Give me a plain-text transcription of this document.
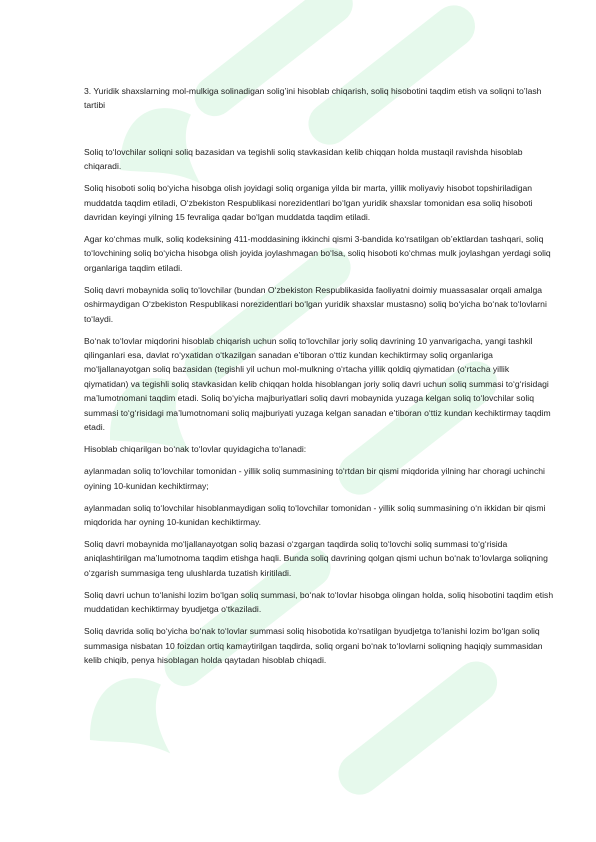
3. Yuridik shaxslarning mol-mulkiga solinadigan solig’ini hisoblab chiqarish, soliq hisobotini taqdim etish va soliqni to’lash tartibi

Soliq to‘lovchilar soliqni soliq bazasidan va tegishli soliq stavkasidan kelib chiqqan holda mustaqil ravishda hisoblab chiqaradi.

Soliq hisoboti soliq bo‘yicha hisobga olish joyidagi soliq organiga yilda bir marta, yillik moliyaviy hisobot topshiriladigan muddatda taqdim etiladi, O‘zbekiston Respublikasi norezidentlari bo‘lgan yuridik shaxslar tomonidan esa soliq hisoboti davridan keyingi yilning 15 fevraliga qadar bo‘lgan muddatda taqdim etiladi.

Agar ko‘chmas mulk, soliq kodeksining 411-moddasining ikkinchi qismi 3-bandida ko‘rsatilgan ob’ektlardan tashqari, soliq to‘lovchining soliq bo‘yicha hisobga olish joyida joylashmagan bo‘lsa, soliq hisoboti ko‘chmas mulk joylashgan yerdagi soliq organlariga taqdim etiladi.

Soliq davri mobaynida soliq to‘lovchilar (bundan O‘zbekiston Respublikasida faoliyatni doimiy muassasalar orqali amalga oshirmaydigan O‘zbekiston Respublikasi norezidentlari bo‘lgan yuridik shaxslar mustasno) soliq bo‘yicha bo‘nak to‘lovlarni to‘laydi.

Bo‘nak to‘lovlar miqdorini hisoblab chiqarish uchun soliq to‘lovchilar joriy soliq davrining 10 yanvarigacha, yangi tashkil qilinganlari esa, davlat ro‘yxatidan o‘tkazilgan sanadan e’tiboran o‘ttiz kundan kechiktirmay soliq organlariga mo‘ljallanayotgan soliq bazasidan (tegishli yil uchun mol-mulkning o‘rtacha yillik qoldiq qiymatidan (o‘rtacha yillik qiymatidan) va tegishli soliq stavkasidan kelib chiqqan holda hisoblangan joriy soliq davri uchun soliq summasi to‘g‘risidagi ma’lumotnomani taqdim etadi. Soliq bo‘yicha majburiyatlari soliq davri mobaynida yuzaga kelgan soliq to‘lovchilar soliq summasi to‘g‘risidagi ma’lumotnomani soliq majburiyati yuzaga kelgan sanadan e’tiboran o‘ttiz kundan kechiktirmay taqdim etadi.

Hisoblab chiqarilgan bo‘nak to‘lovlar quyidagicha to‘lanadi:

aylanmadan soliq to‘lovchilar tomonidan - yillik soliq summasining to‘rtdan bir qismi miqdorida yilning har choragi uchinchi oyining 10-kunidan kechiktirmay;

aylanmadan soliq to‘lovchilar hisoblanmaydigan soliq to‘lovchilar tomonidan - yillik soliq summasining o‘n ikkidan bir qismi miqdorida har oyning 10-kunidan kechiktirmay.

Soliq davri mobaynida mo‘ljallanayotgan soliq bazasi o‘zgargan taqdirda soliq to‘lovchi soliq summasi to‘g‘risida aniqlashtirilgan ma’lumotnoma taqdim etishga haqli. Bunda soliq davrining qolgan qismi uchun bo‘nak to‘lovlarga soliqning o‘zgarish summasiga teng ulushlarda tuzatish kiritiladi.

Soliq davri uchun to‘lanishi lozim bo‘lgan soliq summasi, bo‘nak to‘lovlar hisobga olingan holda, soliq hisobotini taqdim etish muddatidan kechiktirmay byudjetga o‘tkaziladi.

Soliq davrida soliq bo‘yicha bo‘nak to‘lovlar summasi soliq hisobotida ko‘rsatilgan byudjetga to‘lanishi lozim bo‘lgan soliq summasiga nisbatan 10 foizdan ortiq kamaytirilgan taqdirda, soliq organi bo‘nak to‘lovlarni soliqning haqiqiy summasidan kelib chiqib, penya hisoblagan holda qaytadan hisoblab chiqadi.
